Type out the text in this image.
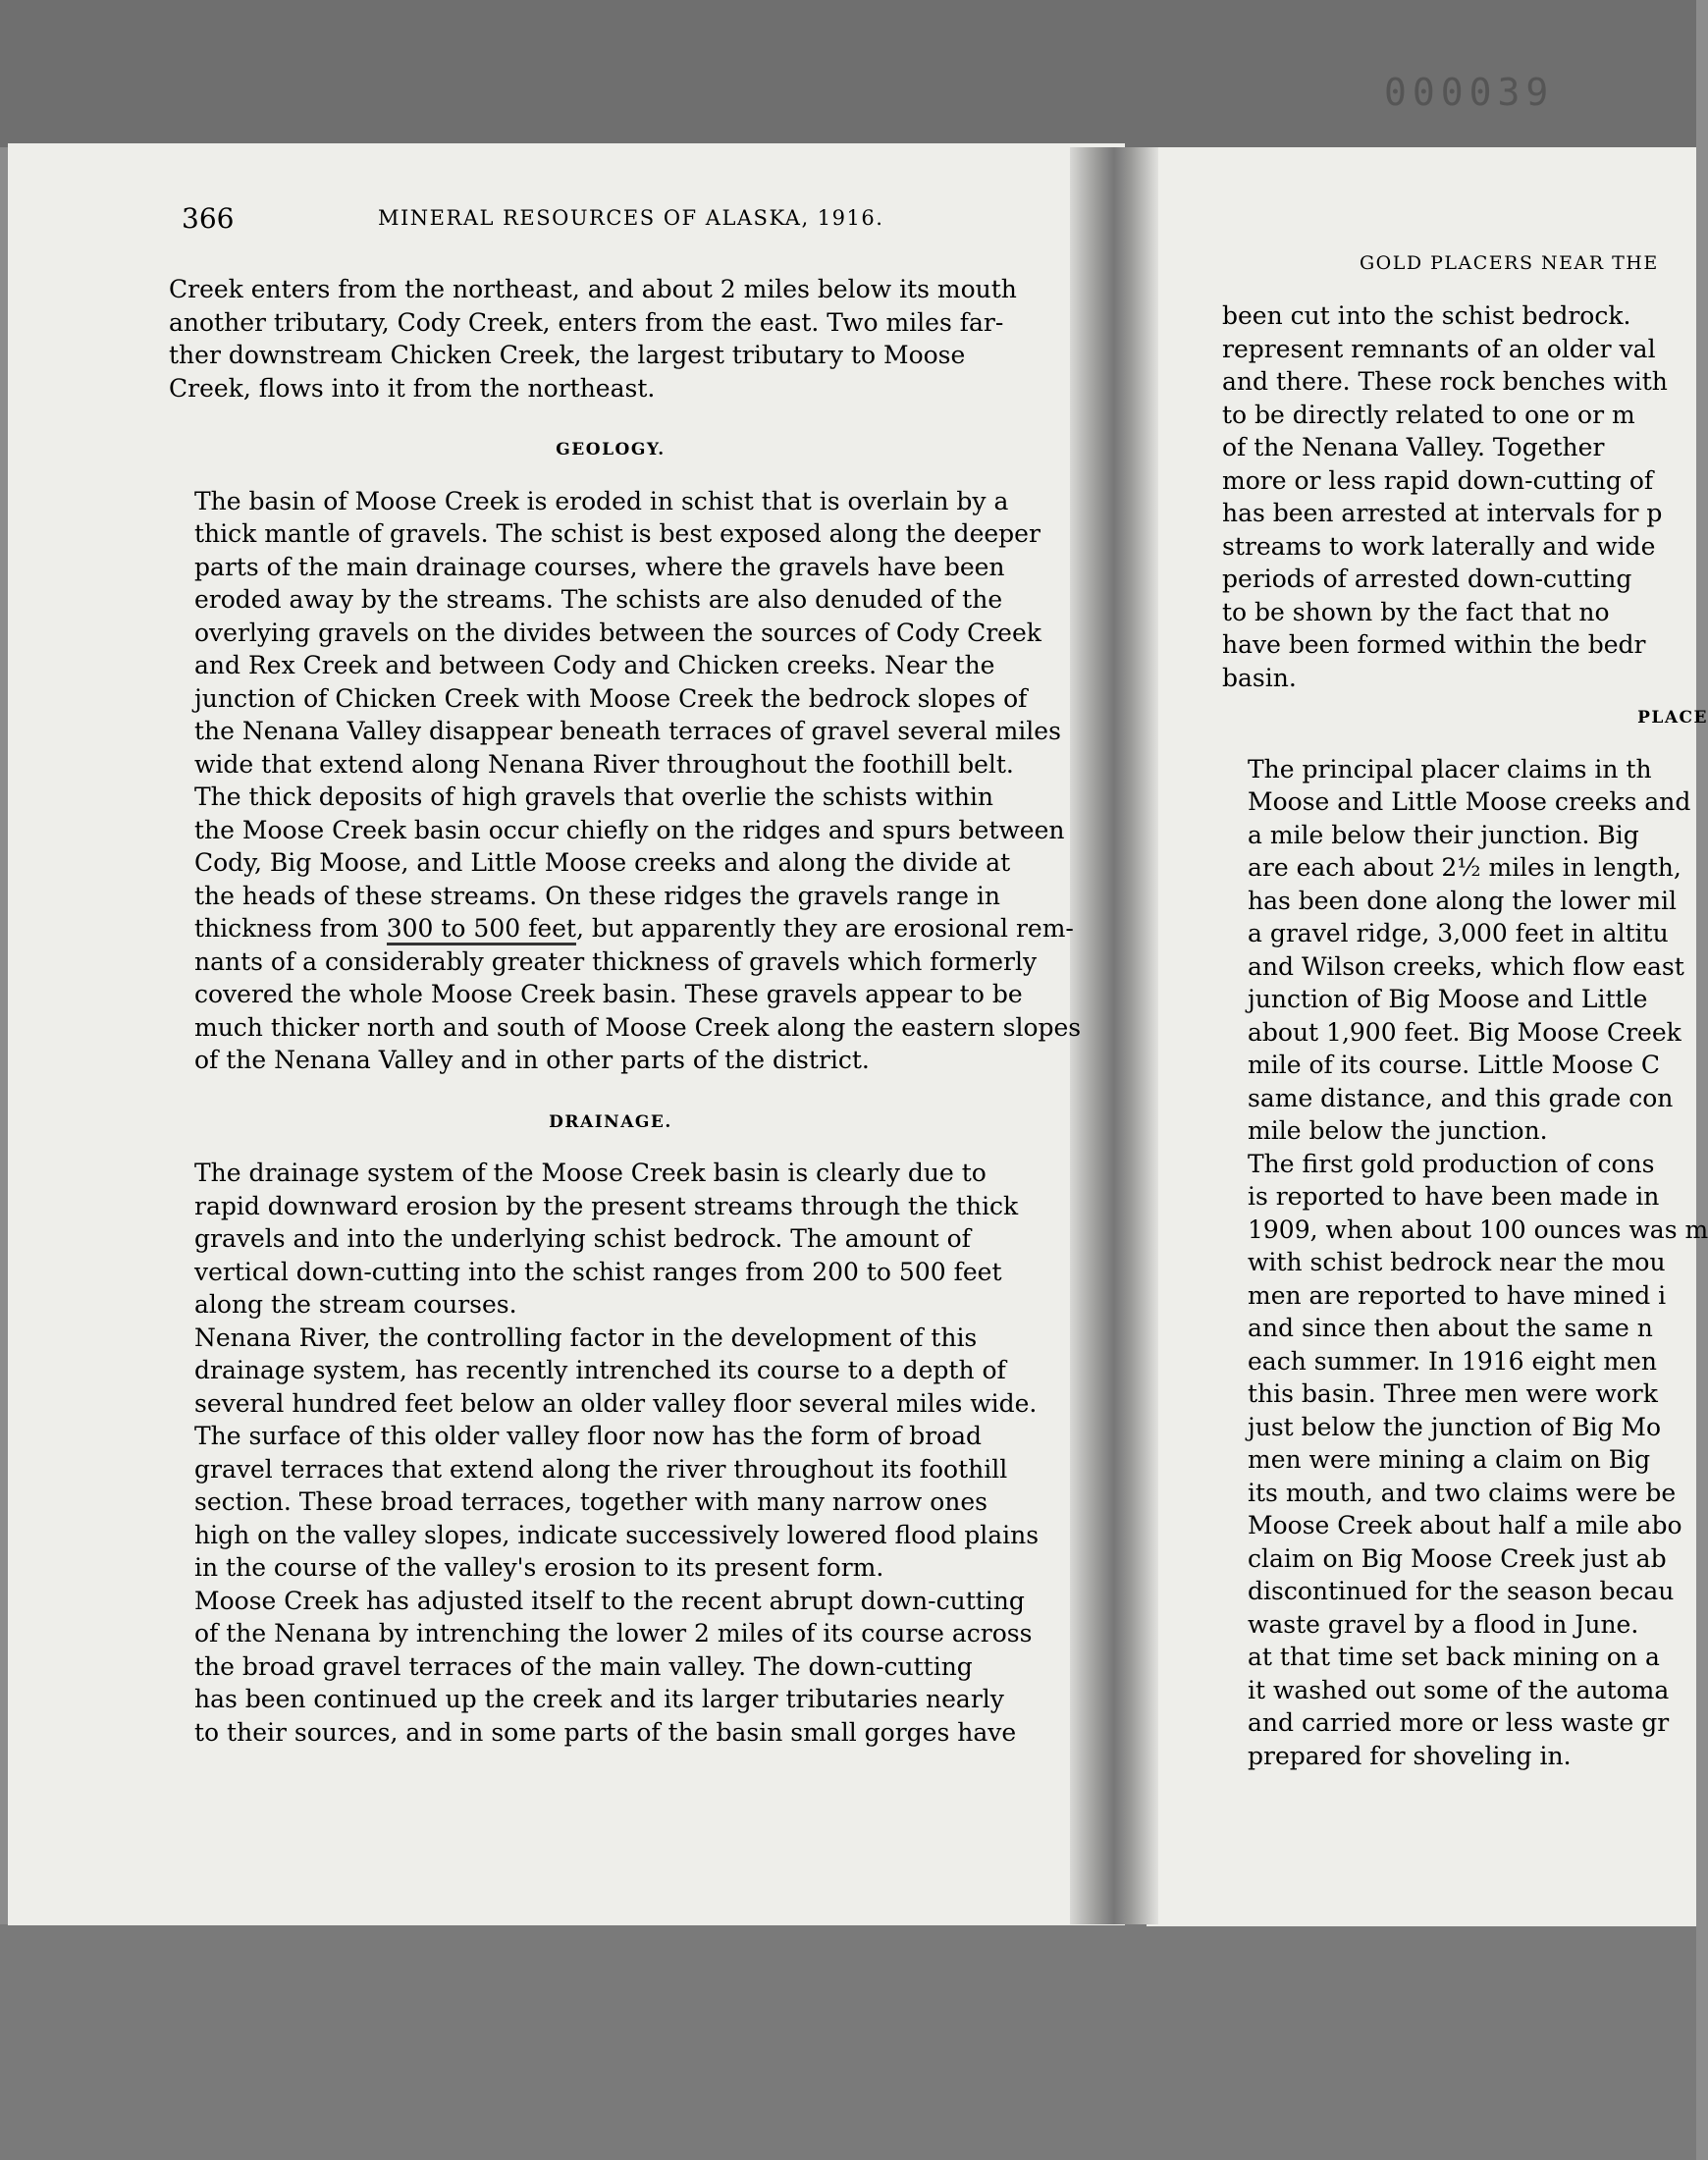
000039
366	MINERAL RESOURCES OF ALASKA, 1916.
GOLD PLACERS NEAR THE
Creek enters from the northeast, and about 2 miles below its mouth
another tributary, Cody Creek, enters from the east. Two miles far-
ther downstream Chicken Creek, the largest tributary to Moose
Creek, flows into it from the northeast.
GEOLOGY.
The basin of Moose Creek is eroded in schist that is overlain by a
thick mantle of gravels. The schist is best exposed along the deeper
parts of the main drainage courses, where the gravels have been
eroded away by the streams. The schists are also denuded of the
overlying gravels on the divides between the sources of Cody Creek
and Rex Creek and between Cody and Chicken creeks. Near the
junction of Chicken Creek with Moose Creek the bedrock slopes of
the Nenana Valley disappear beneath terraces of gravel several miles
wide that extend along Nenana River throughout the foothill belt.
The thick deposits of high gravels that overlie the schists within
the Moose Creek basin occur chiefly on the ridges and spurs between
Cody, Big Moose, and Little Moose creeks and along the divide at
the heads of these streams. On these ridges the gravels range in
thickness from 300 to 500 feet, but apparently they are erosional rem-
nants of a considerably greater thickness of gravels which formerly
covered the whole Moose Creek basin. These gravels appear to be
much thicker north and south of Moose Creek along the eastern slopes
of the Nenana Valley and in other parts of the district.
DRAINAGE.
The drainage system of the Moose Creek basin is clearly due to
rapid downward erosion by the present streams through the thick
gravels and into the underlying schist bedrock. The amount of
vertical down-cutting into the schist ranges from 200 to 500 feet
along the stream courses.
Nenana River, the controlling factor in the development of this
drainage system, has recently intrenched its course to a depth of
several hundred feet below an older valley floor several miles wide.
The surface of this older valley floor now has the form of broad
gravel terraces that extend along the river throughout its foothill
section. These broad terraces, together with many narrow ones
high on the valley slopes, indicate successively lowered flood plains
in the course of the valley's erosion to its present form.
Moose Creek has adjusted itself to the recent abrupt down-cutting
of the Nenana by intrenching the lower 2 miles of its course across
the broad gravel terraces of the main valley. The down-cutting
has been continued up the creek and its larger tributaries nearly
to their sources, and in some parts of the basin small gorges have
been cut into the schist bedrock.
represent remnants of an older val
and there. These rock benches with
to be directly related to one or m
of the Nenana Valley. Together
more or less rapid down-cutting of
has been arrested at intervals for p
streams to work laterally and wide
periods of arrested down-cutting
to be shown by the fact that no
have been formed within the bedr
basin.
PLACE
The principal placer claims in th
Moose and Little Moose creeks and
a mile below their junction. Big
are each about 2½ miles in length,
has been done along the lower mil
a gravel ridge, 3,000 feet in altitu
and Wilson creeks, which flow east
junction of Big Moose and Little
about 1,900 feet. Big Moose Creek
mile of its course. Little Moose C
same distance, and this grade con
mile below the junction.
The first gold production of cons
is reported to have been made in
1909, when about 100 ounces was m
with schist bedrock near the mou
men are reported to have mined i
and since then about the same n
each summer. In 1916 eight men
this basin. Three men were work
just below the junction of Big Mo
men were mining a claim on Big
its mouth, and two claims were be
Moose Creek about half a mile abo
claim on Big Moose Creek just ab
discontinued for the season becau
waste gravel by a flood in June.
at that time set back mining on a
it washed out some of the automa
and carried more or less waste gr
prepared for shoveling in.
